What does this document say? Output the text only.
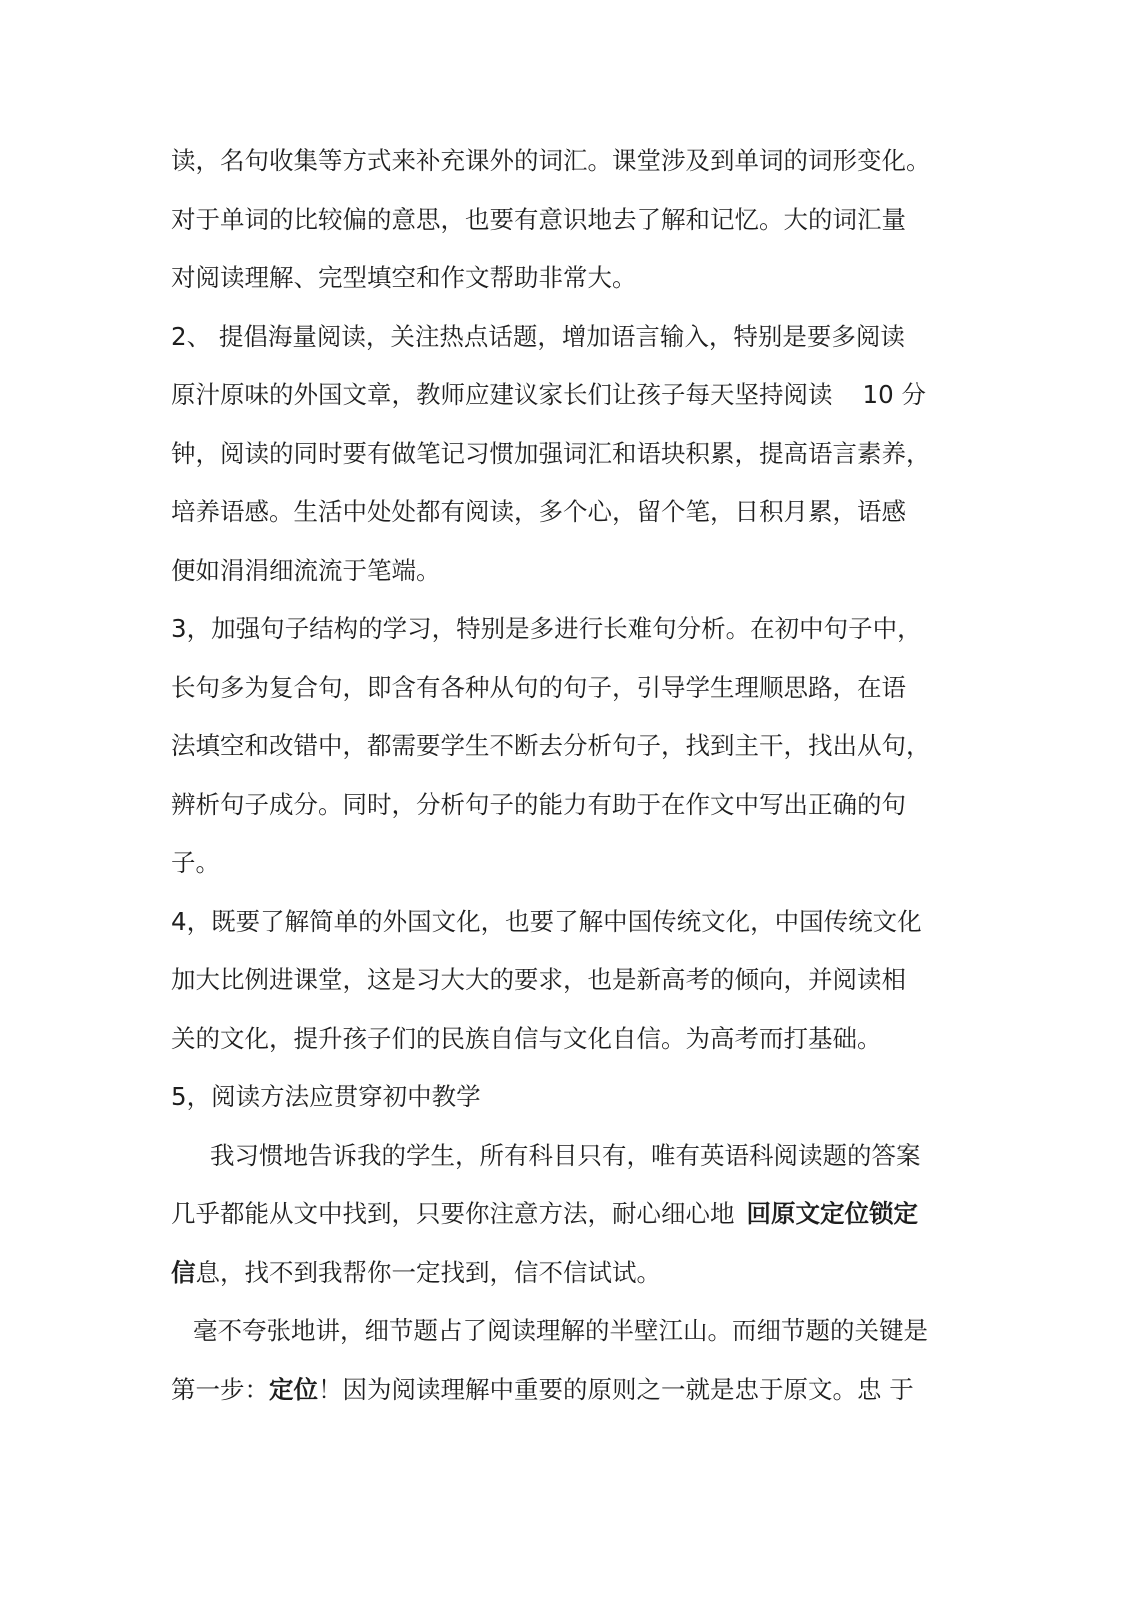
读，名句收集等方式来补充课外的词汇。课堂涉及到单词的词形变化。
对于单词的比较偏的意思，也要有意识地去了解和记忆。大的词汇量
对阅读理解、完型填空和作文帮助非常大。
2、 提倡海量阅读，关注热点话题，增加语言输入，特别是要多阅读
原汁原味的外国文章，教师应建议家长们让孩子每天坚持阅读 10 分
钟，阅读的同时要有做笔记习惯加强词汇和语块积累，提高语言素养，
培养语感。生活中处处都有阅读，多个心，留个笔，日积月累，语感
便如涓涓细流流于笔端。
3，加强句子结构的学习，特别是多进行长难句分析。在初中句子中，
长句多为复合句，即含有各种从句的句子，引导学生理顺思路，在语
法填空和改错中，都需要学生不断去分析句子，找到主干，找出从句，
辨析句子成分。同时，分析句子的能力有助于在作文中写出正确的句
子。
4，既要了解简单的外国文化，也要了解中国传统文化，中国传统文化
加大比例进课堂，这是习大大的要求，也是新高考的倾向，并阅读相
关的文化，提升孩子们的民族自信与文化自信。为高考而打基础。
5，阅读方法应贯穿初中教学
我习惯地告诉我的学生，所有科目只有，唯有英语科阅读题的答案
几乎都能从文中找到，只要你注意方法，耐心细心地 回原文定位锁定
信息，找不到我帮你一定找到，信不信试试。
毫不夸张地讲，细节题占了阅读理解的半壁江山。而细节题的关键是
第一步：定位！因为阅读理解中重要的原则之一就是忠于原文。忠 于
